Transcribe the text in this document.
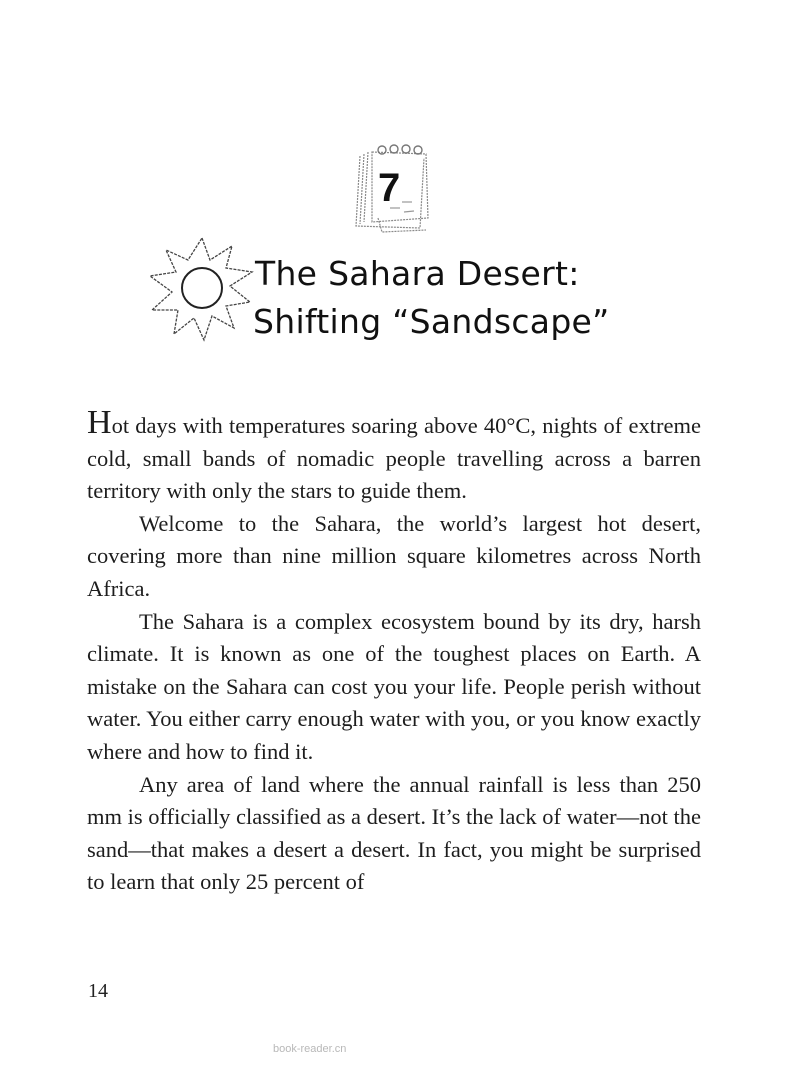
7
The Sahara Desert:
Shifting “Sandscape”

Hot days with temperatures soaring above 40°C, nights of extreme cold, small bands of nomadic people travelling across a barren territory with only the stars to guide them.

Welcome to the Sahara, the world’s largest hot desert, covering more than nine million square kilometres across North Africa.

The Sahara is a complex ecosystem bound by its dry, harsh climate. It is known as one of the toughest places on Earth. A mistake on the Sahara can cost you your life. People perish without water. You either carry enough water with you, or you know exactly where and how to find it.

Any area of land where the annual rainfall is less than 250 mm is officially classified as a desert. It’s the lack of water—not the sand—that makes a desert a desert. In fact, you might be surprised to learn that only 25 percent of

14
book-reader.cn
